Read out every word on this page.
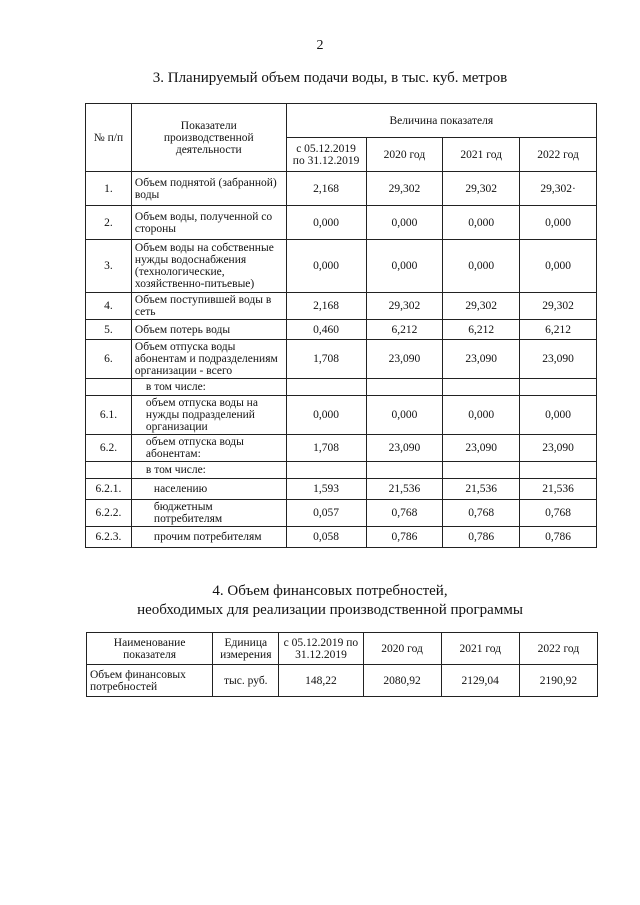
2
3. Планируемый объем подачи воды, в тыс. куб. метров
№ п/п	Показатели производственной деятельности	Величина показателя			
		с 05.12.2019 по 31.12.2019	2020 год	2021 год	2022 год
1.	Объем поднятой (забранной) воды	2,168	29,302	29,302	29,302·
2.	Объем воды, полученной со стороны	0,000	0,000	0,000	0,000
3.	Объем воды на собственные нужды водоснабжения (технологические, хозяйственно-питьевые)	0,000	0,000	0,000	0,000
4.	Объем поступившей воды в сеть	2,168	29,302	29,302	29,302
5.	Объем потерь воды	0,460	6,212	6,212	6,212
6.	Объем отпуска воды абонентам и подразделениям организации - всего	1,708	23,090	23,090	23,090
	в том числе:				
6.1.	объем отпуска воды на нужды подразделений организации	0,000	0,000	0,000	0,000
6.2.	объем отпуска воды абонентам:	1,708	23,090	23,090	23,090
	в том числе:				
6.2.1.	населению	1,593	21,536	21,536	21,536
6.2.2.	бюджетным потребителям	0,057	0,768	0,768	0,768
6.2.3.	прочим потребителям	0,058	0,786	0,786	0,786
4. Объем финансовых потребностей,
необходимых для реализации производственной программы
Наименование показателя	Единица измерения	с 05.12.2019 по 31.12.2019	2020 год	2021 год	2022 год
Объем финансовых потребностей	тыс. руб.	148,22	2080,92	2129,04	2190,92
